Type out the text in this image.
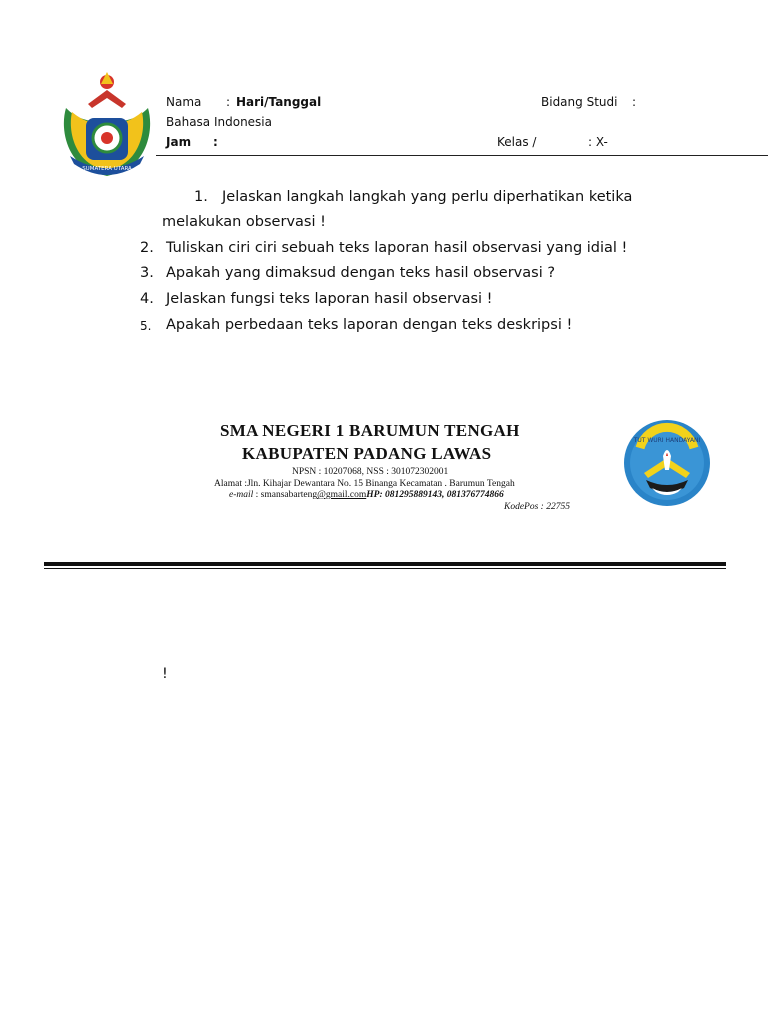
SUMATERA UTARA
Nama : Hari/Tanggal	Bidang Studi :
Bahasa Indonesia
Jam :	Kelas /	: X-
1. Jelaskan langkah langkah yang perlu diperhatikan ketika
melakukan observasi !
2. Tuliskan ciri ciri sebuah teks laporan hasil observasi yang idial !
3. Apakah yang dimaksud dengan teks hasil observasi ?
4. Jelaskan fungsi teks laporan hasil observasi !
5. Apakah perbedaan teks laporan dengan teks deskripsi !
SMA NEGERI 1 BARUMUN TENGAH
KABUPATEN PADANG LAWAS
NPSN : 10207068, NSS : 301072302001
Alamat :Jln. Kihajar Dewantara No. 15 Binanga Kecamatan . Barumun Tengah
e-mail : smansabarteng@gmail.comHP: 081295889143, 081376774866
KodePos : 22755
TUT WURI HANDAYANI
!
